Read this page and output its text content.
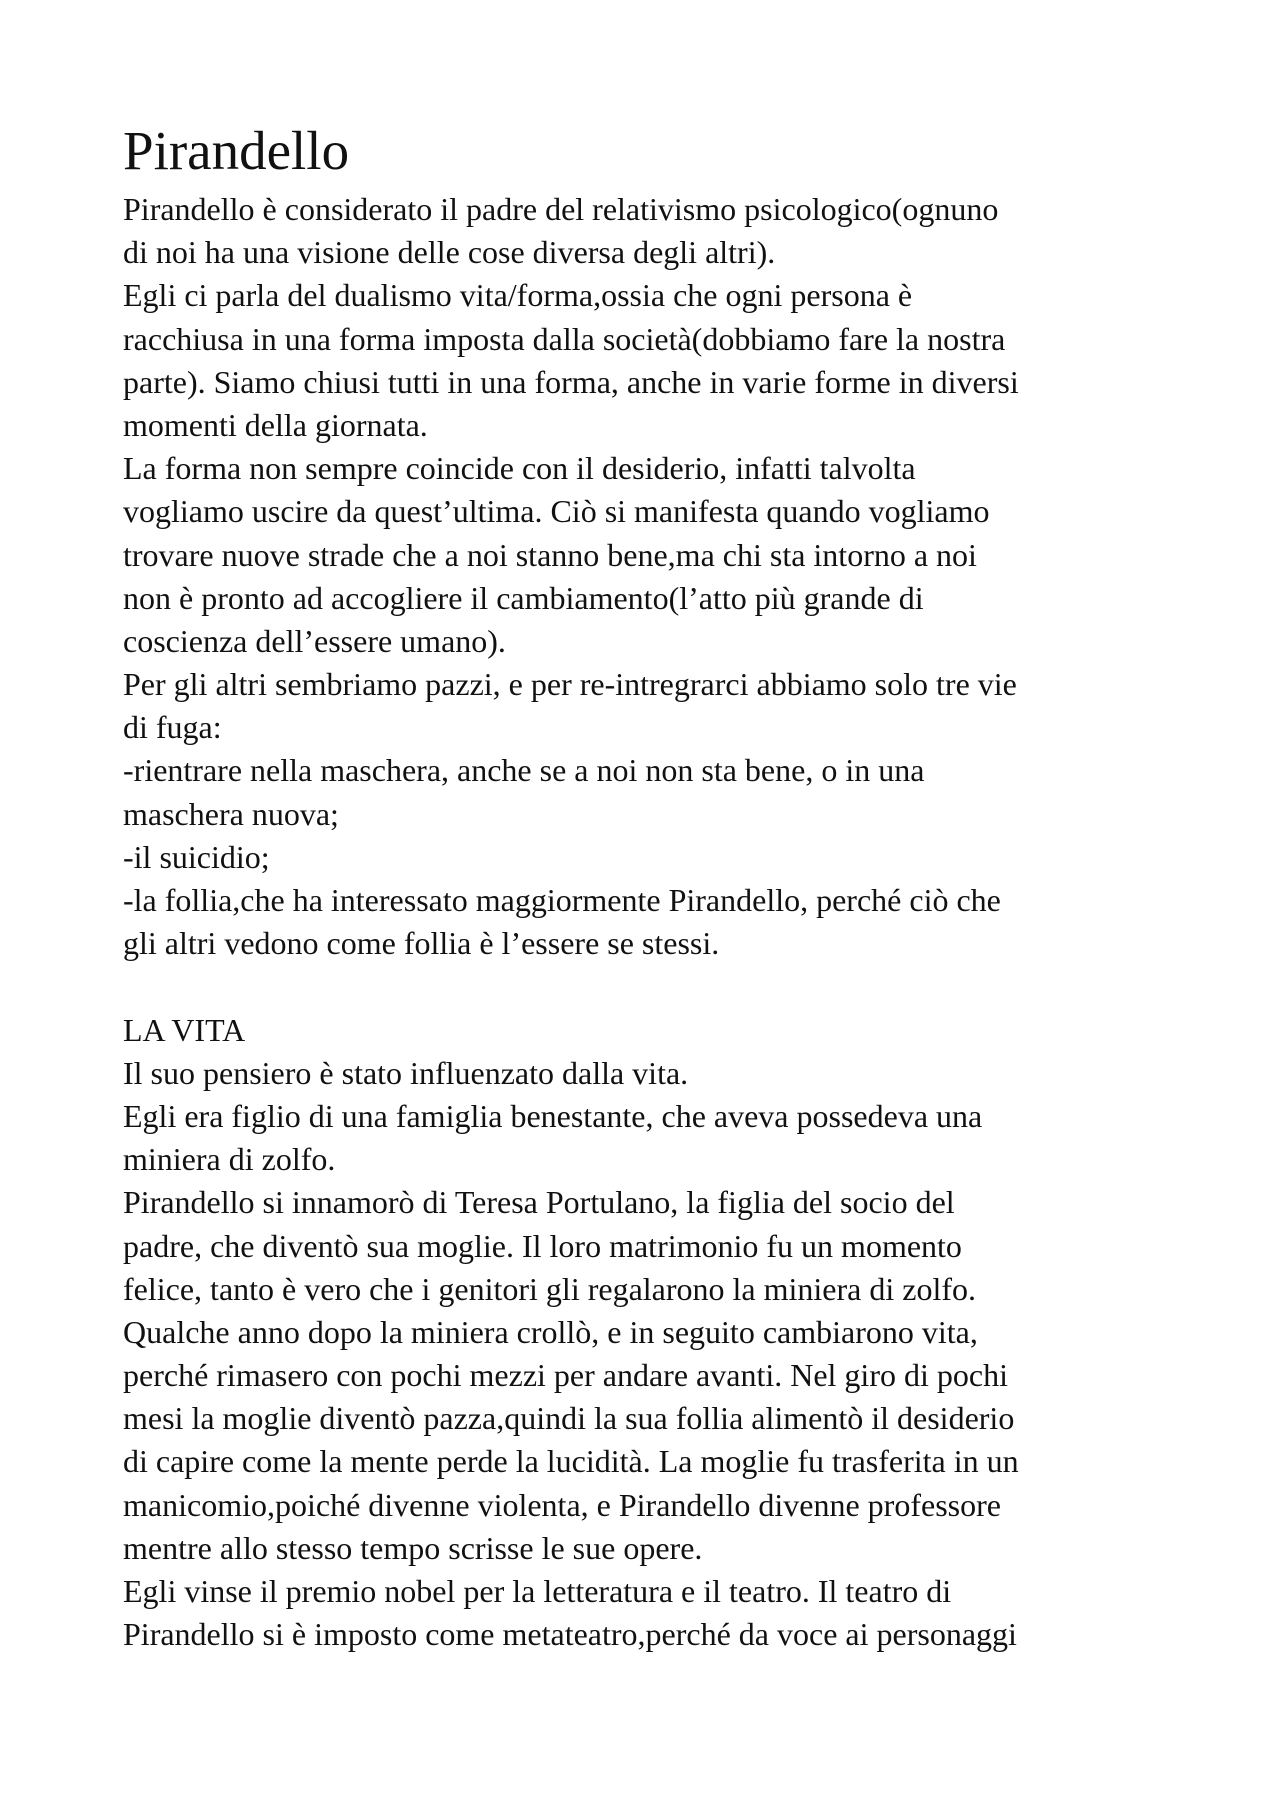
Pirandello
Pirandello è considerato il padre del relativismo psicologico(ognuno
di noi ha una visione delle cose diversa degli altri).
Egli ci parla del dualismo vita/forma,ossia che ogni persona è
racchiusa in una forma imposta dalla società(dobbiamo fare la nostra
parte). Siamo chiusi tutti in una forma, anche in varie forme in diversi
momenti della giornata.
La forma non sempre coincide con il desiderio, infatti talvolta
vogliamo uscire da quest’ultima. Ciò si manifesta quando vogliamo
trovare nuove strade che a noi stanno bene,ma chi sta intorno a noi
non è pronto ad accogliere il cambiamento(l’atto più grande di
coscienza dell’essere umano).
Per gli altri sembriamo pazzi, e per re-intregrarci abbiamo solo tre vie
di fuga:
-rientrare nella maschera, anche se a noi non sta bene, o in una
maschera nuova;
-il suicidio;
-la follia,che ha interessato maggiormente Pirandello, perché ciò che
gli altri vedono come follia è l’essere se stessi.
LA VITA
Il suo pensiero è stato influenzato dalla vita.
Egli era figlio di una famiglia benestante, che aveva possedeva una
miniera di zolfo.
Pirandello si innamorò di Teresa Portulano, la figlia del socio del
padre, che diventò sua moglie. Il loro matrimonio fu un momento
felice, tanto è vero che i genitori gli regalarono la miniera di zolfo.
Qualche anno dopo la miniera crollò, e in seguito cambiarono vita,
perché rimasero con pochi mezzi per andare avanti. Nel giro di pochi
mesi la moglie diventò pazza,quindi la sua follia alimentò il desiderio
di capire come la mente perde la lucidità. La moglie fu trasferita in un
manicomio,poiché divenne violenta, e Pirandello divenne professore
mentre allo stesso tempo scrisse le sue opere.
Egli vinse il premio nobel per la letteratura e il teatro. Il teatro di
Pirandello si è imposto come metateatro,perché da voce ai personaggi
